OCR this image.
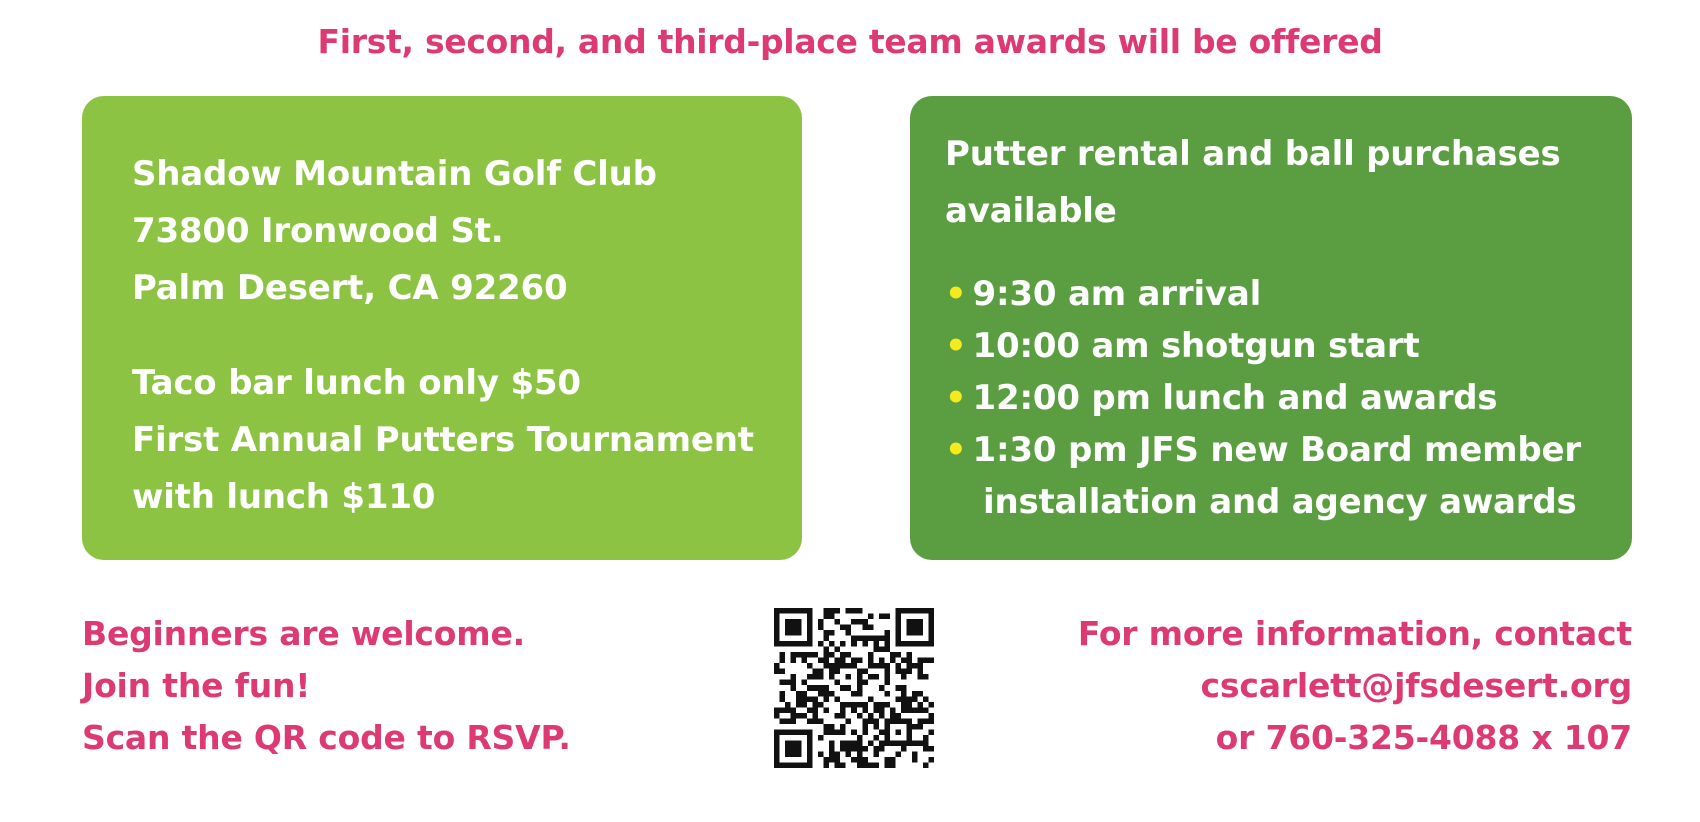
First, second, and third-place team awards will be offered
Shadow Mountain Golf Club
73800 Ironwood St.
Palm Desert, CA 92260
Taco bar lunch only $50
First Annual Putters Tournament
with lunch $110
Putter rental and ball purchases
available
• 9:30 am arrival
• 10:00 am shotgun start
• 12:00 pm lunch and awards
• 1:30 pm JFS new Board member
installation and agency awards
Beginners are welcome.
Join the fun!
Scan the QR code to RSVP.
For more information, contact
cscarlett@jfsdesert.org
or 760-325-4088 x 107
